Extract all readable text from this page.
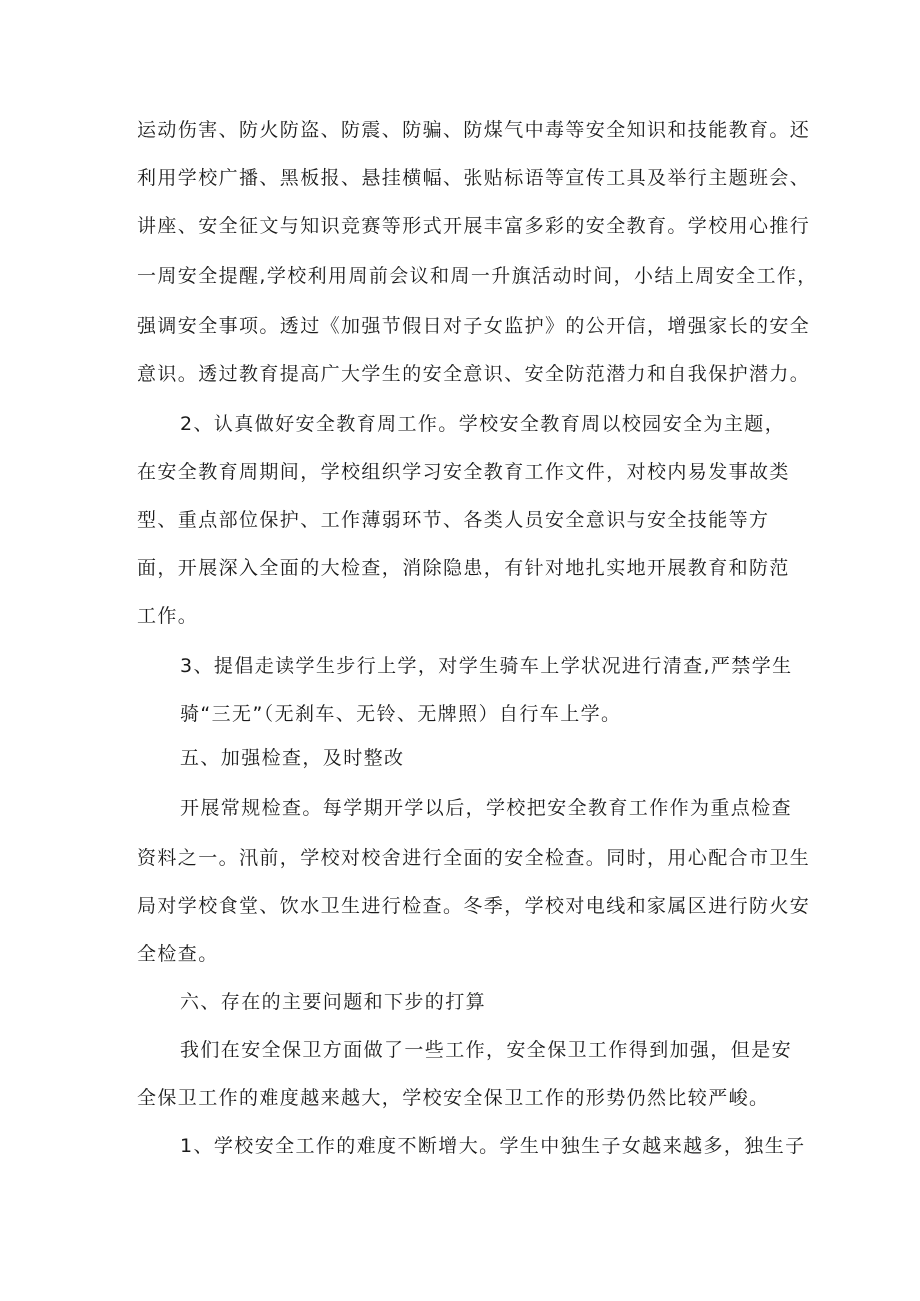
运动伤害、防火防盗、防震、防骗、防煤气中毒等安全知识和技能教育。还
利用学校广播、黑板报、悬挂横幅、张贴标语等宣传工具及举行主题班会、
讲座、安全征文与知识竞赛等形式开展丰富多彩的安全教育。学校用心推行
一周安全提醒,学校利用周前会议和周一升旗活动时间，小结上周安全工作，
强调安全事项。透过《加强节假日对子女监护》的公开信，增强家长的安全
意识。透过教育提高广大学生的安全意识、安全防范潜力和自我保护潜力。
2、认真做好安全教育周工作。学校安全教育周以校园安全为主题，
在安全教育周期间，学校组织学习安全教育工作文件，对校内易发事故类
型、重点部位保护、工作薄弱环节、各类人员安全意识与安全技能等方
面，开展深入全面的大检查，消除隐患，有针对地扎实地开展教育和防范
工作。
3、提倡走读学生步行上学，对学生骑车上学状况进行清查,严禁学生
骑“三无”（无刹车、无铃、无牌照）自行车上学。
五、加强检查，及时整改
开展常规检查。每学期开学以后，学校把安全教育工作作为重点检查
资料之一。汛前，学校对校舍进行全面的安全检查。同时，用心配合市卫生
局对学校食堂、饮水卫生进行检查。冬季，学校对电线和家属区进行防火安
全检查。
六、存在的主要问题和下步的打算
我们在安全保卫方面做了一些工作，安全保卫工作得到加强，但是安
全保卫工作的难度越来越大，学校安全保卫工作的形势仍然比较严峻。
1、学校安全工作的难度不断增大。学生中独生子女越来越多，独生子
